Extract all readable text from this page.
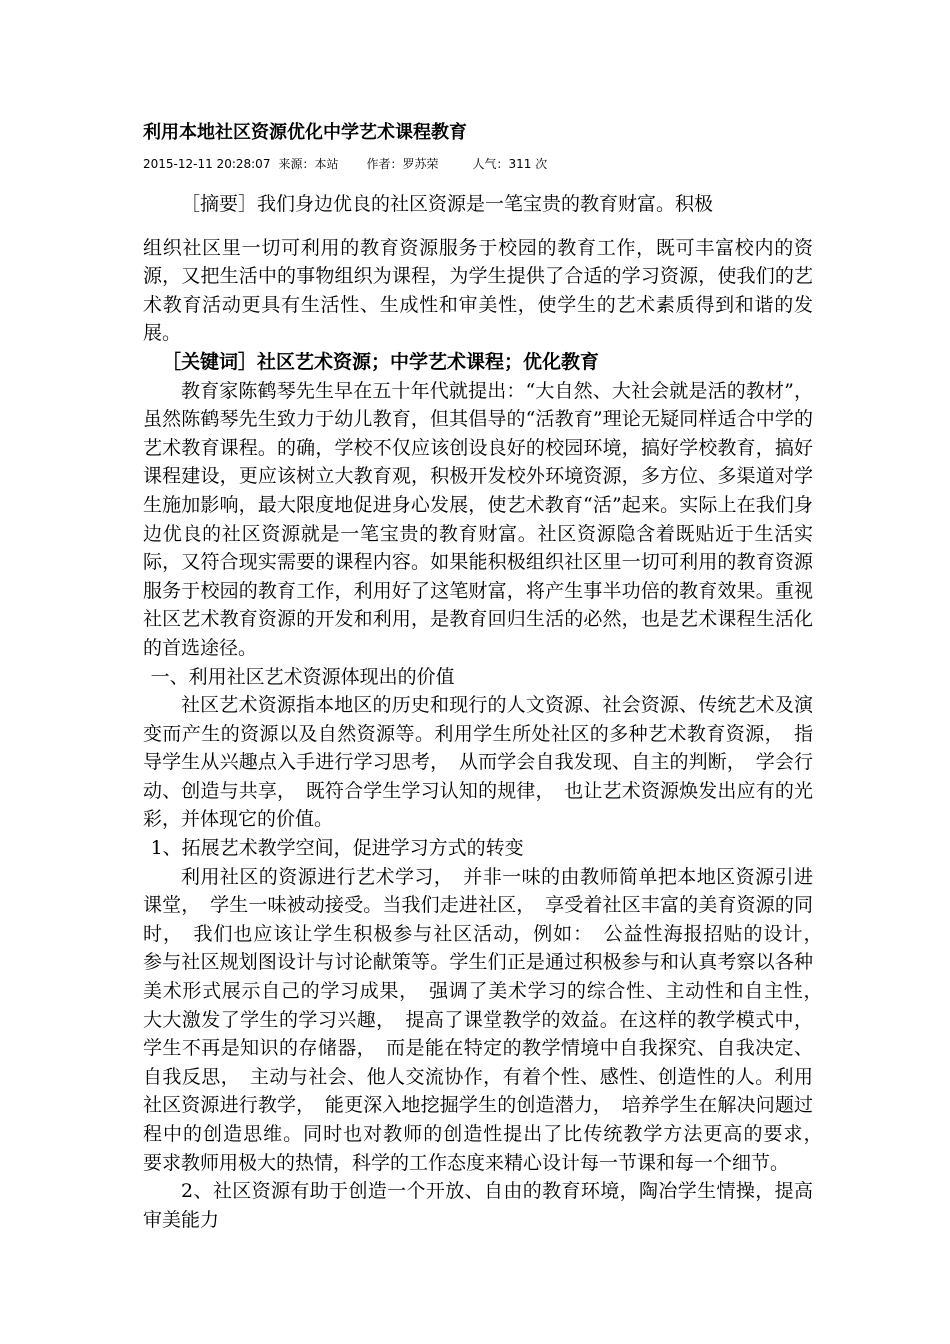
利用本地社区资源优化中学艺术课程教育
2015-12-11 20:28:07 来源：本站 作者：罗苏荣	人气：311 次

［摘要］我们身边优良的社区资源是一笔宝贵的教育财富。积极

组织社区里一切可利用的教育资源服务于校园的教育工作，既可丰富校内的资源，又把生活中的事物组织为课程，为学生提供了合适的学习资源，使我们的艺术教育活动更具有生活性、生成性和审美性，使学生的艺术素质得到和谐的发展。

［关键词］社区艺术资源；中学艺术课程；优化教育

教育家陈鹤琴先生早在五十年代就提出：“大自然、大社会就是活的教材”，虽然陈鹤琴先生致力于幼儿教育，但其倡导的“活教育”理论无疑同样适合中学的艺术教育课程。的确，学校不仅应该创设良好的校园环境，搞好学校教育，搞好课程建设，更应该树立大教育观，积极开发校外环境资源，多方位、多渠道对学生施加影响，最大限度地促进身心发展，使艺术教育“活”起来。实际上在我们身边优良的社区资源就是一笔宝贵的教育财富。社区资源隐含着既贴近于生活实际，又符合现实需要的课程内容。如果能积极组织社区里一切可利用的教育资源服务于校园的教育工作，利用好了这笔财富，将产生事半功倍的教育效果。重视社区艺术教育资源的开发和利用，是教育回归生活的必然，也是艺术课程生活化的首选途径。

一、利用社区艺术资源体现出的价值

社区艺术资源指本地区的历史和现行的人文资源、社会资源、传统艺术及演变而产生的资源以及自然资源等。利用学生所处社区的多种艺术教育资源，　指导学生从兴趣点入手进行学习思考，　从而学会自我发现、自主的判断，　学会行动、创造与共享，　既符合学生学习认知的规律，　也让艺术资源焕发出应有的光彩，并体现它的价值。

1、拓展艺术教学空间，促进学习方式的转变

利用社区的资源进行艺术学习，　并非一味的由教师简单把本地区资源引进课堂，　学生一味被动接受。当我们走进社区，　享受着社区丰富的美育资源的同时，　我们也应该让学生积极参与社区活动，例如：　公益性海报招贴的设计，　参与社区规划图设计与讨论献策等。学生们正是通过积极参与和认真考察以各种美术形式展示自己的学习成果，　强调了美术学习的综合性、主动性和自主性，　大大激发了学生的学习兴趣，　提高了课堂教学的效益。在这样的教学模式中，学生不再是知识的存储器，　而是能在特定的教学情境中自我探究、自我决定、自我反思，　主动与社会、他人交流协作，有着个性、感性、创造性的人。利用社区资源进行教学，　能更深入地挖掘学生的创造潜力，　培养学生在解决问题过程中的创造思维。同时也对教师的创造性提出了比传统教学方法更高的要求，　要求教师用极大的热情，科学的工作态度来精心设计每一节课和每一个细节。

2、社区资源有助于创造一个开放、自由的教育环境，陶冶学生情操，提高审美能力
